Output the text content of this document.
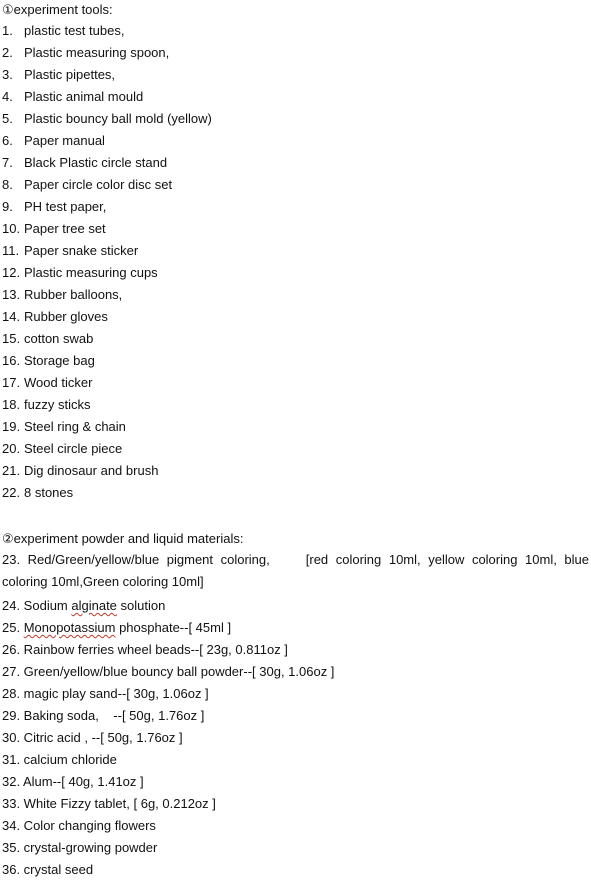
①experiment tools:
1. plastic test tubes,
2. Plastic measuring spoon,
3. Plastic pipettes,
4. Plastic animal mould
5. Plastic bouncy ball mold (yellow)
6. Paper manual
7. Black Plastic circle stand
8. Paper circle color disc set
9. PH test paper,
10. Paper tree set
11. Paper snake sticker
12. Plastic measuring cups
13. Rubber balloons,
14. Rubber gloves
15. cotton swab
16. Storage bag
17. Wood ticker
18. fuzzy sticks
19. Steel ring & chain
20. Steel circle piece
21. Dig dinosaur and brush
22. 8 stones
②experiment powder and liquid materials:
23. Red/Green/yellow/blue pigment coloring,	[red coloring 10ml, yellow coloring 10ml, blue coloring 10ml,Green coloring 10ml]
24. Sodium alginate solution
25. Monopotassium phosphate--[ 45ml ]
26. Rainbow ferries wheel beads--[ 23g, 0.811oz ]
27. Green/yellow/blue bouncy ball powder--[ 30g, 1.06oz ]
28. magic play sand--[ 30g, 1.06oz ]
29. Baking soda,    --[ 50g, 1.76oz ]
30. Citric acid , --[ 50g, 1.76oz ]
31. calcium chloride
32. Alum--[ 40g, 1.41oz ]
33. White Fizzy tablet, [ 6g, 0.212oz ]
34. Color changing flowers
35. crystal-growing powder
36. crystal seed
